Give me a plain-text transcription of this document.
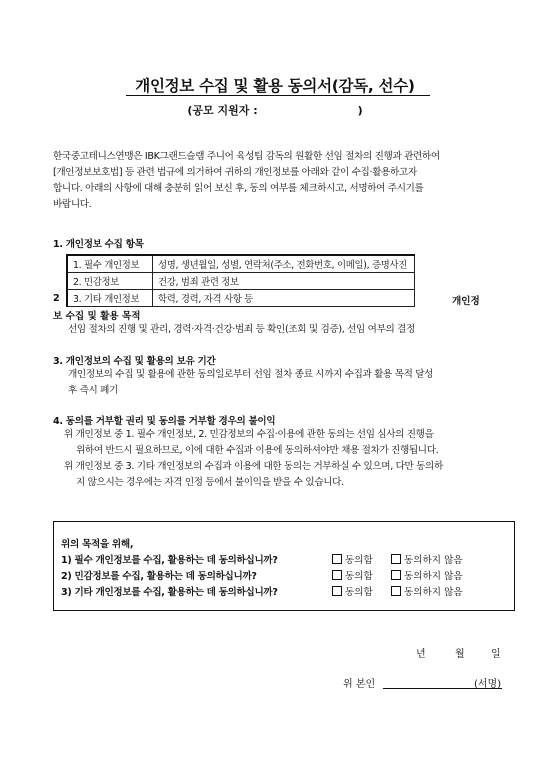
개인정보 수집 및 활용 동의서(감독, 선수)
(공모 지원자 :	)
한국중고테니스연맹은 IBK그랜드슬램 주니어 육성팀 감독의 원활한 선임 절차의 진행과 관련하여
[개인정보보호법] 등 관련 법규에 의거하여 귀하의 개인정보를 아래와 같이 수집·활용하고자
합니다. 아래의 사항에 대해 충분히 읽어 보신 후, 동의 여부를 체크하시고, 서명하여 주시기를
바랍니다.
1. 개인정보 수집 항목
2	개인정
보 수집 및 활용 목적
1. 필수 개인정보	성명, 생년월일, 성별, 연락처(주소, 전화번호, 이메일), 증명사진
2. 민감정보	건강, 범죄 관련 정보
3. 기타 개인정보	학력, 경력, 자격 사항 등
선임 절차의 진행 및 관리, 경력·자격·건강·범죄 등 확인(조회 및 검증), 선임 여부의 결정
3. 개인정보의 수집 및 활용의 보유 기간
개인정보의 수집 및 활용에 관한 동의일로부터 선임 절차 종료 시까지 수집과 활용 목적 달성
후 즉시 폐기
4. 동의를 거부할 권리 및 동의를 거부할 경우의 불이익
위 개인정보 중 1. 필수 개인정보, 2. 민감정보의 수집·이용에 관한 동의는 선임 심사의 진행을
위하여 반드시 필요하므로, 이에 대한 수집과 이용에 동의하셔야만 채용 절차가 진행됩니다.
위 개인정보 중 3. 기타 개인정보의 수집과 이용에 대한 동의는 거부하실 수 있으며, 다만 동의하
지 않으시는 경우에는 자격 인정 등에서 불이익을 받을 수 있습니다.
위의 목적을 위해,
1) 필수 개인정보를 수집, 활용하는 데 동의하십니까?	동의함	동의하지 않음
2) 민감정보를 수집, 활용하는 데 동의하십니까?	동의함	동의하지 않음
3) 기타 개인정보를 수집, 활용하는 데 동의하십니까?	동의함	동의하지 않음
년	월	일
위 본인	(서명)
